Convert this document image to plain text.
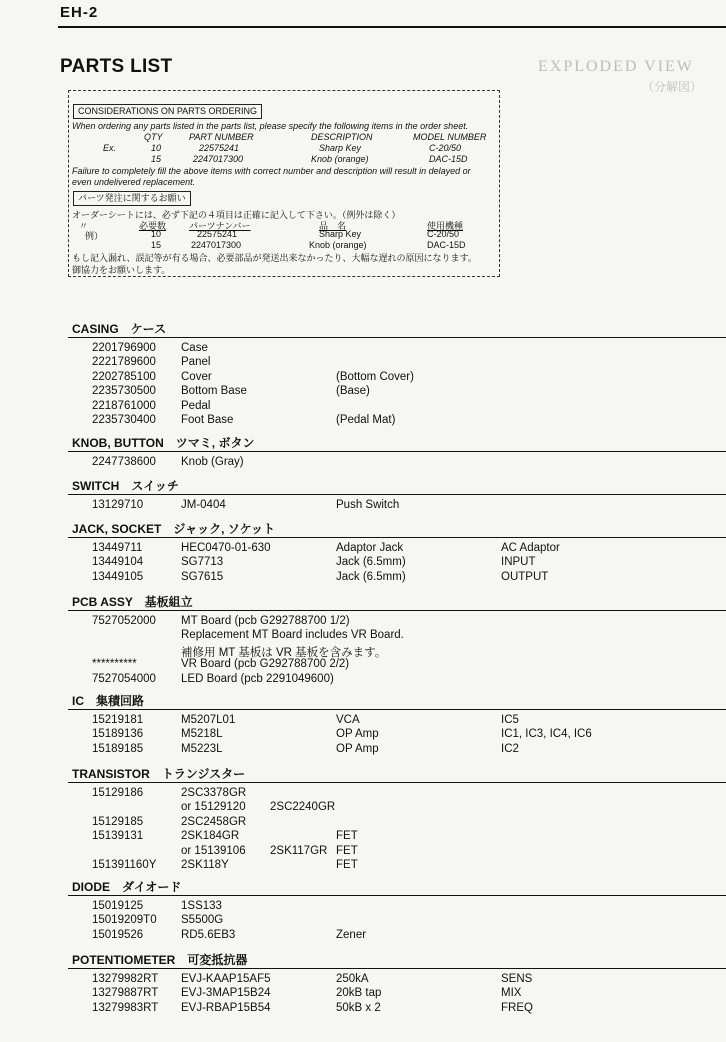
EH-2
PARTS LIST	EXPLODED VIEW
（分解図）
CONSIDERATIONS ON PARTS ORDERING
When ordering any parts listed in the parts list, please specify the following items in the order sheet.
QTY	PART NUMBER	DESCRIPTION	MODEL NUMBER
Ex.	10	22575241	Sharp Key	C-20/50
15	2247017300	Knob (orange)	DAC-15D
Failure to completely fill the above items with correct number and description will result in delayed or
even undelivered replacement.
パーツ発注に関するお願い
オーダーシートには、必ず下記の４項目は正確に記入して下さい。（例外は除く）
〃	必要数	パーツナンバー	品　名	使用機種
例）	10	22575241	Sharp Key	C-20/50
15	2247017300	Knob (orange)	DAC-15D
もし記入漏れ、誤記等が有る場合、必要部品が発送出来なかったり、大幅な遅れの原因になります。
御協力をお願いします。
CASING　ケース
2201796900 Case
2221789600 Panel
2202785100 Cover	(Bottom Cover)
2235730500 Bottom Base	(Base)
2218761000 Pedal
2235730400 Foot Base	(Pedal Mat)
KNOB, BUTTON　ツマミ, ボタン
2247738600 Knob (Gray)
SWITCH　スイッチ
13129710	JM-0404	Push Switch
JACK, SOCKET　ジャック, ソケット
13449711	HEC0470-01-630	Adaptor Jack	AC Adaptor
13449104	SG7713	Jack (6.5mm)	INPUT
13449105	SG7615	Jack (6.5mm)	OUTPUT
PCB ASSY　基板組立
7527052000 MT Board (pcb G292788700 1/2)
Replacement MT Board includes VR Board.
補修用 MT 基板は VR 基板を含みます。
**********	VR Board (pcb G292788700 2/2)
7527054000 LED Board (pcb 2291049600)
IC　集積回路
15219181	M5207L01	VCA	IC5
15189136	M5218L	OP Amp	IC1, IC3, IC4, IC6
15189185	M5223L	OP Amp	IC2
TRANSISTOR　トランジスター
15129186	2SC3378GR
or 15129120 2SC2240GR
15129185	2SC2458GR
15139131	2SK184GR	FET
or 15139106 2SK117GR FET
151391160Y 2SK118Y	FET
DIODE　ダイオード
15019125	1SS133
15019209T0 S5500G
15019526	RD5.6EB3	Zener
POTENTIOMETER　可変抵抗器
13279982RT EVJ-KAAP15AF5	250kA	SENS
13279887RT EVJ-3MAP15B24	20kB tap	MIX
13279983RT EVJ-RBAP15B54	50kB x 2	FREQ
